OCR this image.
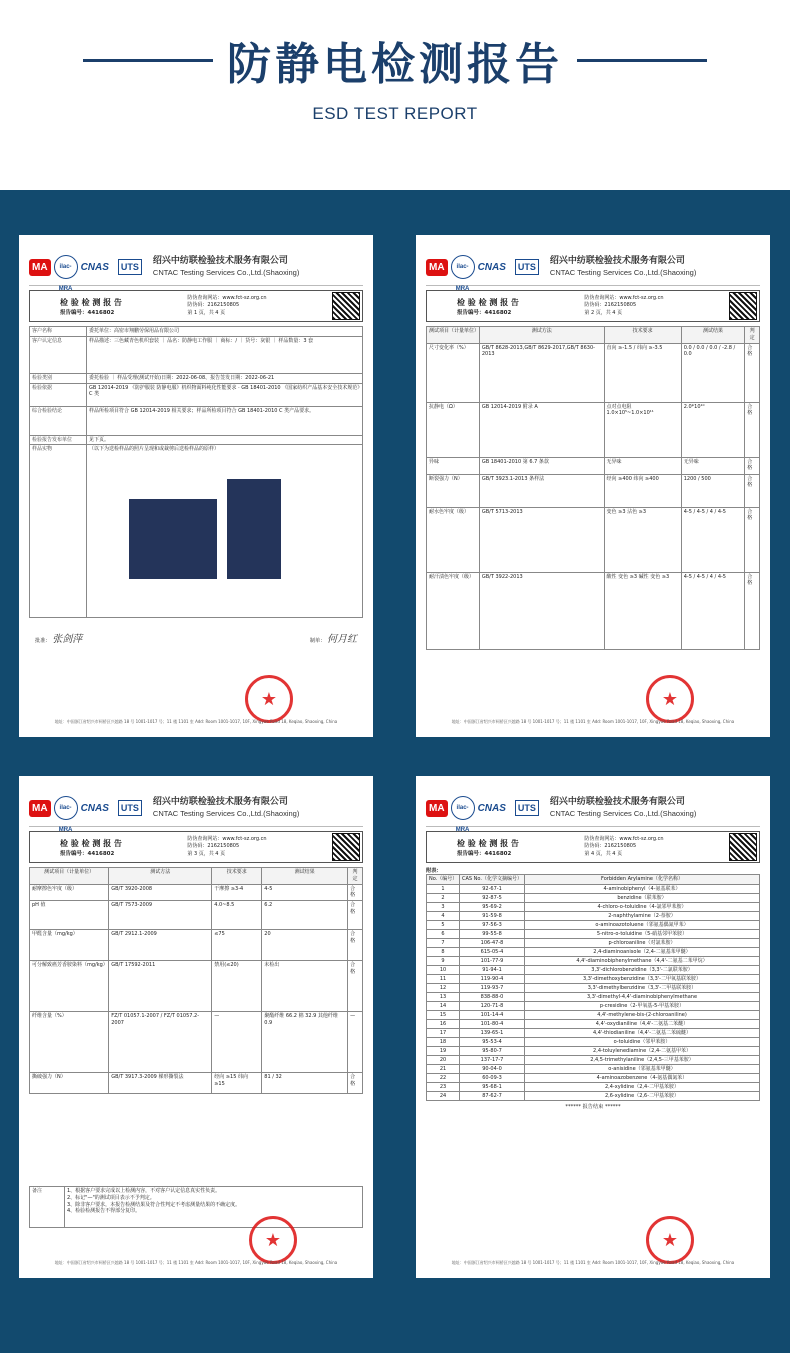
防静电检测报告
ESD TEST REPORT
MA	ilac-MRA
CNAS	UTS
绍兴中纺联检验技术服务有限公司
CNTAC Testing Services Co.,Ltd.(Shaoxing)
检 验 检 测 报 告
报告编号：4416802
防伪查询网站：www.fct-sz.org.cn
防伪码：2162150805
第 1 页，共 4 页
客户名称	委托单位：高密市翔鹏劳保用品有限公司
客户认定信息	样品描述：三色藏青色机织套装 ｜ 品名：防静电工作服 ｜ 商标：/ ｜ 货号：灰银 ｜ 样品数量：3 套
检验类别	委托检验 ｜ 样品受理(测试开始)日期：2022-06-08、报告签发日期：2022-06-21
检验依据	GB 12014-2019 《防护服装 防静电服》机织物面料纯化性能要求 · GB 18401-2010 《国家纺织产品基本安全技术规范》C 类
综合检验结论	样品所检项目符合 GB 12014-2019 相关要求；样品所检项目符合 GB 18401-2010 C 类产品要求。
检验报告发布单位	见下页。
样品实物	（以下为送检样品的照片呈现和或裁剪后送检样品的原样）

批准： 张剑萍	制单： 何月红
★
地址：中国浙江省绍兴市柯桥区兴越路 18 号 1001-1017 号；11 楼 1101 室 Add: Room 1001-1017, 10F, Xingyue Road 18, Keqiao, Shaoxing, China
MA	ilac-MRA
CNAS	UTS
绍兴中纺联检验技术服务有限公司
CNTAC Testing Services Co.,Ltd.(Shaoxing)
检 验 检 测 报 告
报告编号：4416802
防伪查询网站：www.fct-sz.org.cn
防伪码：2162150805
第 2 页，共 4 页
测试项目（计量单位）	测试方法	技术要求	测试结果	判定
尺寸变化率（%）	GB/T 8628-2013,GB/T 8629-2017,GB/T 8630-2013	直向 ≥-1.5 / 纬向 ≥-3.5	0.0 / 0.0 / 0.0 / -2.8 / 0.0	合格
抗静电（Ω）	GB 12014-2019 附录 A	点对点电阻 1.0×10⁵~1.0×10¹¹	2.0*10¹⁰	合格
异味	GB 18401-2010 第 6.7 条款	无异味	无异味	合格
断裂强力（N）	GB/T 3923.1-2013 条样法	经向 ≥400 纬向 ≥400	1200 / 500	合格
耐水色牢度（级）	GB/T 5713-2013	变色 ≥3 沾色 ≥3	4-5 / 4-5 / 4 / 4-5	合格
耐汗渍色牢度（级）	GB/T 3922-2013	酸性 变色 ≥3 碱性 变色 ≥3	4-5 / 4-5 / 4 / 4-5	合格
★
地址：中国浙江省绍兴市柯桥区兴越路 18 号 1001-1017 号；11 楼 1101 室 Add: Room 1001-1017, 10F, Xingyue Road 18, Keqiao, Shaoxing, China
MA	ilac-MRA
CNAS	UTS
绍兴中纺联检验技术服务有限公司
CNTAC Testing Services Co.,Ltd.(Shaoxing)
检 验 检 测 报 告
报告编号：4416802
防伪查询网站：www.fct-sz.org.cn
防伪码：2162150805
第 3 页，共 4 页
测试项目（计量单位）	测试方法	技术要求	测试结果	判定
耐摩擦色牢度（级）	GB/T 3920-2008	干摩擦 ≥3-4	4-5	合格
pH 值	GB/T 7573-2009	4.0~8.5	6.2	合格
甲醛含量（mg/kg）	GB/T 2912.1-2009	≤75	20	合格
可分解致癌芳香胺染料（mg/kg）	GB/T 17592-2011	禁用(≤20)	未检出	合格
纤维含量（%）	FZ/T 01057.1-2007 / FZ/T 01057.2-2007	—	聚酯纤维 66.2 棉 32.9 其他纤维 0.9	—
撕破强力（N）	GB/T 3917.3-2009 梯形撕裂法	经向 ≥15 纬向 ≥15	81 / 32	合格
备注	1、根据客户要求完成以上检测内容，不对客户认定信息真实性负责。
2、标记"—"的测试项目表示不予判定。
3、除非客户要求，本报告检测结果及符合性判定不考虑测量结果的不确定度。
4、检验检测报告不得部分复印。
★
地址：中国浙江省绍兴市柯桥区兴越路 18 号 1001-1017 号；11 楼 1101 室 Add: Room 1001-1017, 10F, Xingyue Road 18, Keqiao, Shaoxing, China
MA	ilac-MRA
CNAS	UTS
绍兴中纺联检验技术服务有限公司
CNTAC Testing Services Co.,Ltd.(Shaoxing)
检 验 检 测 报 告
报告编号：4416802
防伪查询网站：www.fct-sz.org.cn
防伪码：2162150805
第 4 页，共 4 页
附表：
No.（编号）	CAS No.（化学文摘编号）	Forbidden Arylamine（化学名称）
1	92-67-1	4-aminobiphenyl（4-氨基联苯）
2	92-87-5	benzidine（联苯胺）
3	95-69-2	4-chloro-o-toluidine（4-氯邻甲苯胺）
4	91-59-8	2-naphthylamine（2-萘胺）
5	97-56-3	o-aminoazotoluene（邻氨基偶氮甲苯）
6	99-55-8	5-nitro-o-toluidine（5-硝基邻甲苯胺）
7	106-47-8	p-chloroaniline（对氯苯胺）
8	615-05-4	2,4-diaminoanisole（2,4-二氨基苯甲醚）
9	101-77-9	4,4'-diaminobiphenylmethane（4,4'-二氨基二苯甲烷）
10	91-94-1	3,3'-dichlorobenzidine（3,3'-二氯联苯胺）
11	119-90-4	3,3'-dimethoxybenzidine（3,3'-二甲氧基联苯胺）
12	119-93-7	3,3'-dimethylbenzidine（3,3'-二甲基联苯胺）
13	838-88-0	3,3'-dimethyl-4,4'-diaminobiphenylmethane
14	120-71-8	p-cresidine（2-甲氧基-5-甲基苯胺）
15	101-14-4	4,4'-methylene-bis-(2-chloroaniline)
16	101-80-4	4,4'-oxydianiline（4,4'-二氨基二苯醚）
17	139-65-1	4,4'-thiodianiline（4,4'-二氨基二苯硫醚）
18	95-53-4	o-toluidine（邻甲苯胺）
19	95-80-7	2,4-toluylenediamine（2,4-二氨基甲苯）
20	137-17-7	2,4,5-trimethylaniline（2,4,5-三甲基苯胺）
21	90-04-0	o-anisidine（邻氨基苯甲醚）
22	60-09-3	4-aminoazobenzene（4-氨基偶氮苯）
23	95-68-1	2,4-xylidine（2,4-二甲基苯胺）
24	87-62-7	2,6-xylidine（2,6-二甲基苯胺）
****** 报告结束 ******
★
地址：中国浙江省绍兴市柯桥区兴越路 18 号 1001-1017 号；11 楼 1101 室 Add: Room 1001-1017, 10F, Xingyue Road 18, Keqiao, Shaoxing, China
